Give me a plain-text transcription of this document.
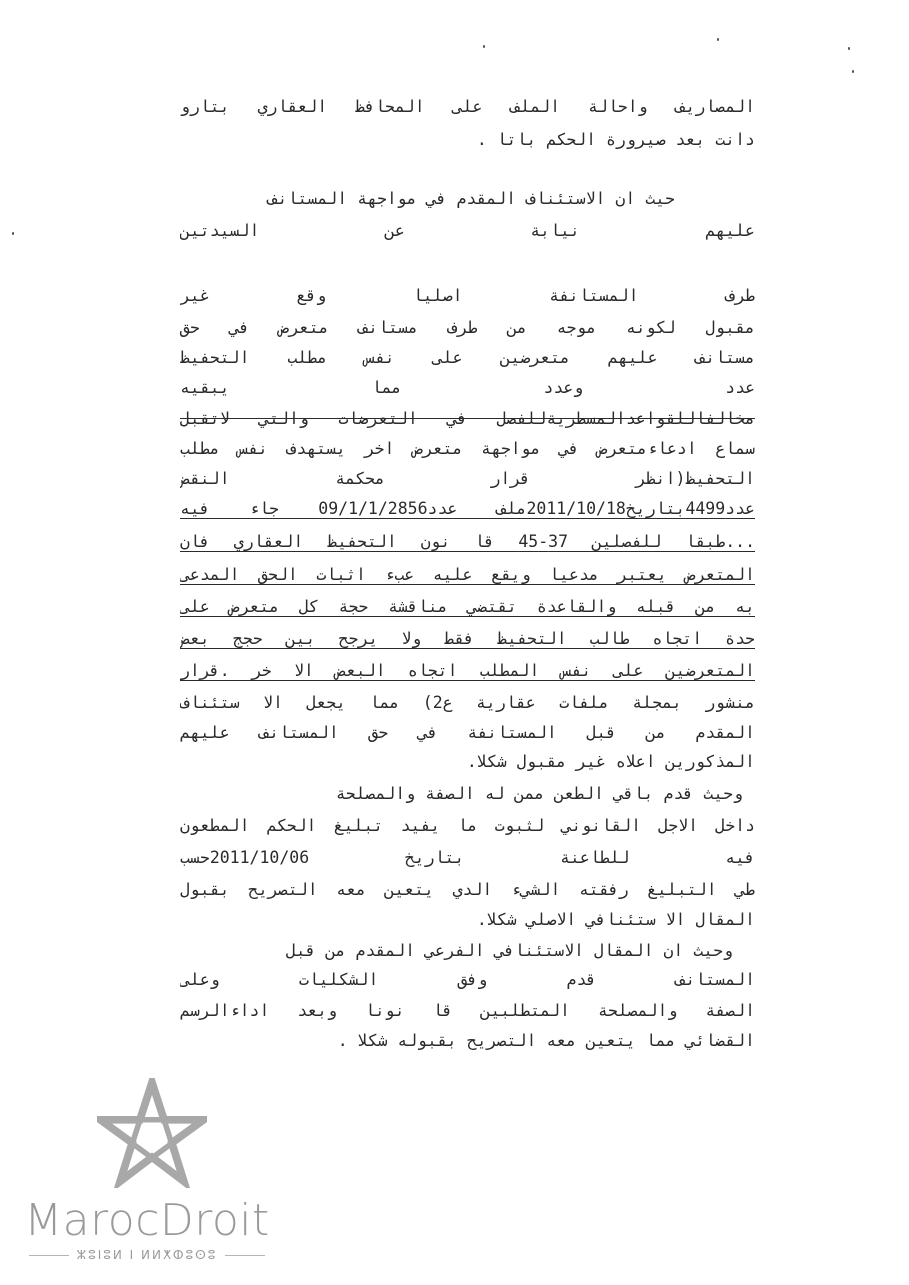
المصاريف واحالة الملف على المحافظ العقاري بتارو
دانت بعد صيرورة الحكم باتا .
حيث ان الاستئناف المقدم في مواجهة المستانف
عليهم نيابة عن السيدتين
طرف المستانفة اصليا وقع غير
مقبول لكونه موجه من طرف مستانف متعرض في حق
مستانف عليهم متعرضين على نفس مطلب التحفيظ
عدد وعدد مما يبقيه
مخالفاللقواعدالمسطريةللفصل في التعرضات والتي لاتقبل
سماع ادعاءمتعرض في مواجهة متعرض اخر يستهدف نفس مطلب
التحفيظ(انظر قرار محكمة النقض
عدد4499بتاريخ2011/10/18ملف عدد09/1/1/2856 جاء فيه
...طبقا للفصلين 37-45 قا نون التحفيظ العقاري فان
المتعرض يعتبر مدعيا ويقع عليه عبء اثبات الحق المدعى
به من قبله والقاعدة تقتضي مناقشة حجة كل متعرض على
حدة اتجاه طالب التحفيظ فقط ولا يرجح بين حجج بعض
المتعرضين على نفس المطلب اتجاه البعض الا خر .قرار
منشور بمجلة ملفات عقارية ع2) مما يجعل الا ستئناف
المقدم من قبل المستانفة في حق المستانف عليهم
المذكورين اعلاه غير مقبول شكلا.
وحيث قدم باقي الطعن ممن له الصفة والمصلحة
داخل الاجل القانوني لثبوت ما يفيد تبليغ الحكم المطعون
فيه للطاعنة بتاريخ 2011/10/06حسب
طي التبليغ رفقته الشيء الدي يتعين معه التصريح بقبول
المقال الا ستئنافي الاصلي شكلا.
وحيث ان المقال الاستئنافي الفرعي المقدم من قبل
المستانف قدم وفق الشكليات وعلى
الصفة والمصلحة المتطلبين قا نونا وبعد اداءالرسم
القضائي مما يتعين معه التصريح بقبوله شكلا .
MarocDroit
ⵣⵓⵏⵓⵍ I ⵍⵍⵅⵀⵓⵙⵓ
